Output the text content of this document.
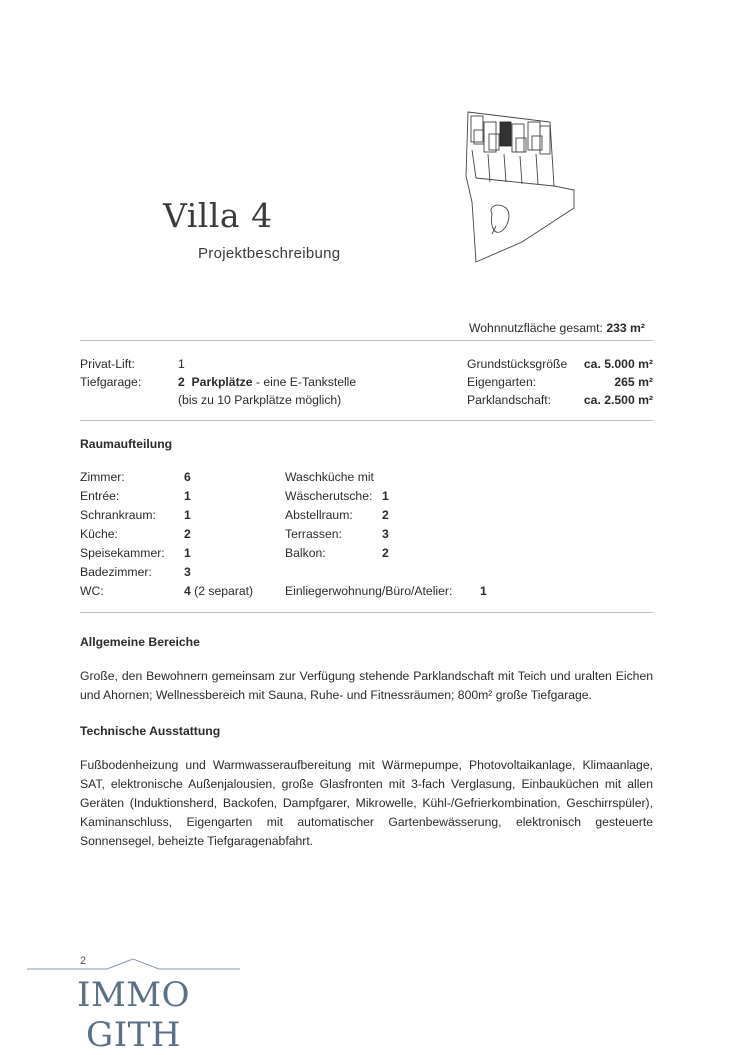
Villa 4
Projektbeschreibung
Wohnnutzfläche gesamt: 233 m²
Privat-Lift:	1
Tiefgarage:	2  Parkplätze - eine E-Tankstelle
(bis zu 10 Parkplätze möglich)
Grundstücksgröße	ca. 5.000 m²
Eigengarten:	265 m²
Parklandschaft:	ca. 2.500 m²
Raumaufteilung
Zimmer:	6
Entrée:	1
Schrankraum: 1
Küche:	2
Speisekammer: 1
Badezimmer:	3
WC:	4 (2 separat)
Waschküche mit
Wäscherutsche: 1
Abstellraum: 2
Terrassen:	3
Balkon:	2
Einliegerwohnung/Büro/Atelier: 1
Allgemeine Bereiche
Große, den Bewohnern gemeinsam zur Verfügung stehende Parklandschaft mit Teich und uralten Eichen und Ahornen; Wellnessbereich mit Sauna, Ruhe- und Fitnessräumen; 800m² große Tiefgarage.
Technische Ausstattung
Fußbodenheizung und Warmwasseraufbereitung mit Wärmepumpe, Photovoltaikanlage, Klimaanlage, SAT, elektronische Außenjalousien, große Glasfronten mit 3-fach Verglasung, Einbauküchen mit allen Geräten (Induktionsherd, Backofen, Dampfgarer, Mikrowelle, Kühl-/Gefrierkombination, Geschirrspüler), Kaminanschluss, Eigengarten mit automatischer Gartenbewässerung, elektronisch gesteuerte Sonnensegel, beheizte Tiefgaragenabfahrt.
2
IMMO GITH
